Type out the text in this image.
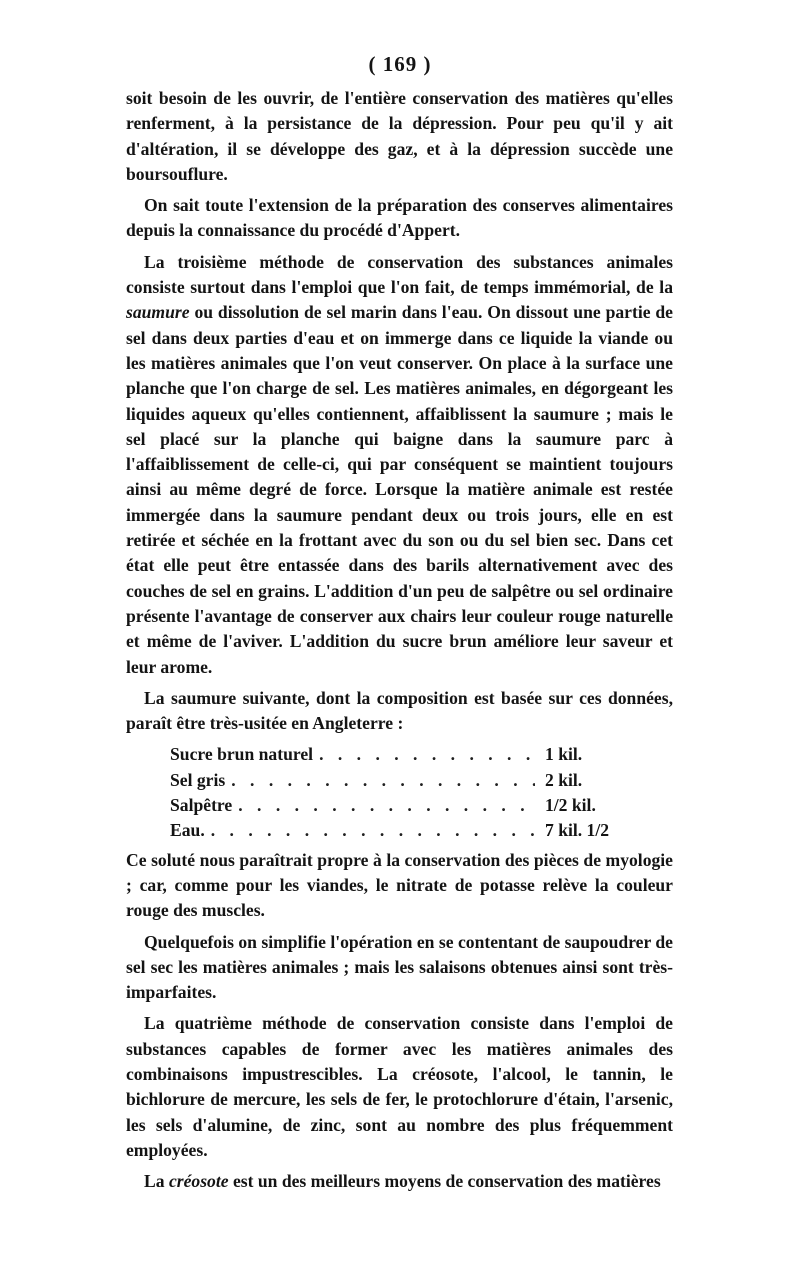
( 169 )

soit besoin de les ouvrir, de l'entière conservation des matières qu'elles renferment, à la persistance de la dépression. Pour peu qu'il y ait d'altération, il se développe des gaz, et à la dépression succède une boursouflure.

On sait toute l'extension de la préparation des conserves alimentaires depuis la connaissance du procédé d'Appert.

La troisième méthode de conservation des substances animales consiste surtout dans l'emploi que l'on fait, de temps immémorial, de la saumure ou dissolution de sel marin dans l'eau. On dissout une partie de sel dans deux parties d'eau et on immerge dans ce liquide la viande ou les matières animales que l'on veut conserver. On place à la surface une planche que l'on charge de sel. Les matières animales, en dégorgeant les liquides aqueux qu'elles contiennent, affaiblissent la saumure ; mais le sel placé sur la planche qui baigne dans la saumure parc à l'affaiblissement de celle-ci, qui par conséquent se maintient toujours ainsi au même degré de force. Lorsque la matière animale est restée immergée dans la saumure pendant deux ou trois jours, elle en est retirée et séchée en la frottant avec du son ou du sel bien sec. Dans cet état elle peut être entassée dans des barils alternativement avec des couches de sel en grains. L'addition d'un peu de salpêtre ou sel ordinaire présente l'avantage de conserver aux chairs leur couleur rouge naturelle et même de l'aviver. L'addition du sucre brun améliore leur saveur et leur arome.

La saumure suivante, dont la composition est basée sur ces données, paraît être très-usitée en Angleterre :

Sucre brun naturel . . .	1 kil.
Sel gris . . .	2 kil.
Salpêtre . . .	1/2 kil.
Eau. . . .	7 kil. 1/2

Ce soluté nous paraîtrait propre à la conservation des pièces de myologie ; car, comme pour les viandes, le nitrate de potasse relève la couleur rouge des muscles.

Quelquefois on simplifie l'opération en se contentant de saupoudrer de sel sec les matières animales ; mais les salaisons obtenues ainsi sont très-imparfaites.

La quatrième méthode de conservation consiste dans l'emploi de substances capables de former avec les matières animales des combinaisons impustrescibles. La créosote, l'alcool, le tannin, le bichlorure de mercure, les sels de fer, le protochlorure d'étain, l'arsenic, les sels d'alumine, de zinc, sont au nombre des plus fréquemment employées.

La créosote est un des meilleurs moyens de conservation des matières
